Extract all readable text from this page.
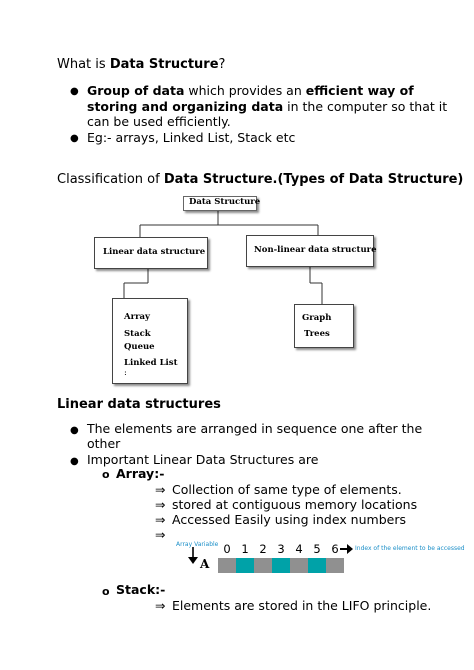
What is Data Structure?
● Group of data which provides an efficient way of
storing and organizing data in the computer so that it
can be used efficiently.
● Eg:- arrays, Linked List, Stack etc
Classification of Data Structure.(Types of Data Structure)
Data Structure
Linear data structure	Non-linear data structure
Array
Stack
Queue
Linked List
:
Graph
Trees
Linear data structures
● The elements are arranged in sequence one after the
other
● Important Linear Data Structures are
o Array:-
⇒ Collection of same type of elements.
⇒ stored at contiguous memory locations
⇒ Accessed Easily using index numbers
⇒
Array Variable
A
0 1 2 3 4 5 6	Index of the element to be accessed
o Stack:-
⇒ Elements are stored in the LIFO principle.
